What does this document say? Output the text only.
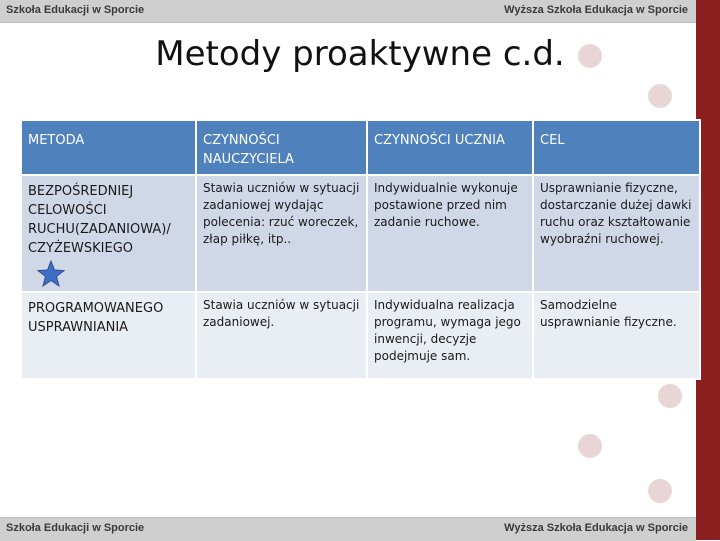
Szkoła Edukacji w Sporcie	Wyższa Szkoła Edukacja w Sporcie
Metody proaktywne c.d.
METODA	CZYNNOŚCI NAUCZYCIELA	CZYNNOŚCI UCZNIA	CEL
BEZPOŚREDNIEJ CELOWOŚCI RUCHU(ZADANIOWA)/ CZYŻEWSKIEGO	Stawia uczniów w sytuacji zadaniowej wydając polecenia: rzuć woreczek, złap piłkę, itp..	Indywidualnie wykonuje postawione przed nim zadanie ruchowe.	Usprawnianie fizyczne, dostarczanie dużej dawki ruchu oraz kształtowanie wyobraźni ruchowej.
PROGRAMOWANEGO USPRAWNIANIA	Stawia uczniów w sytuacji zadaniowej.	Indywidualna realizacja programu, wymaga jego inwencji, decyzje podejmuje sam.	Samodzielne usprawnianie fizyczne.
Szkoła Edukacji w Sporcie	Wyższa Szkoła Edukacja w Sporcie
